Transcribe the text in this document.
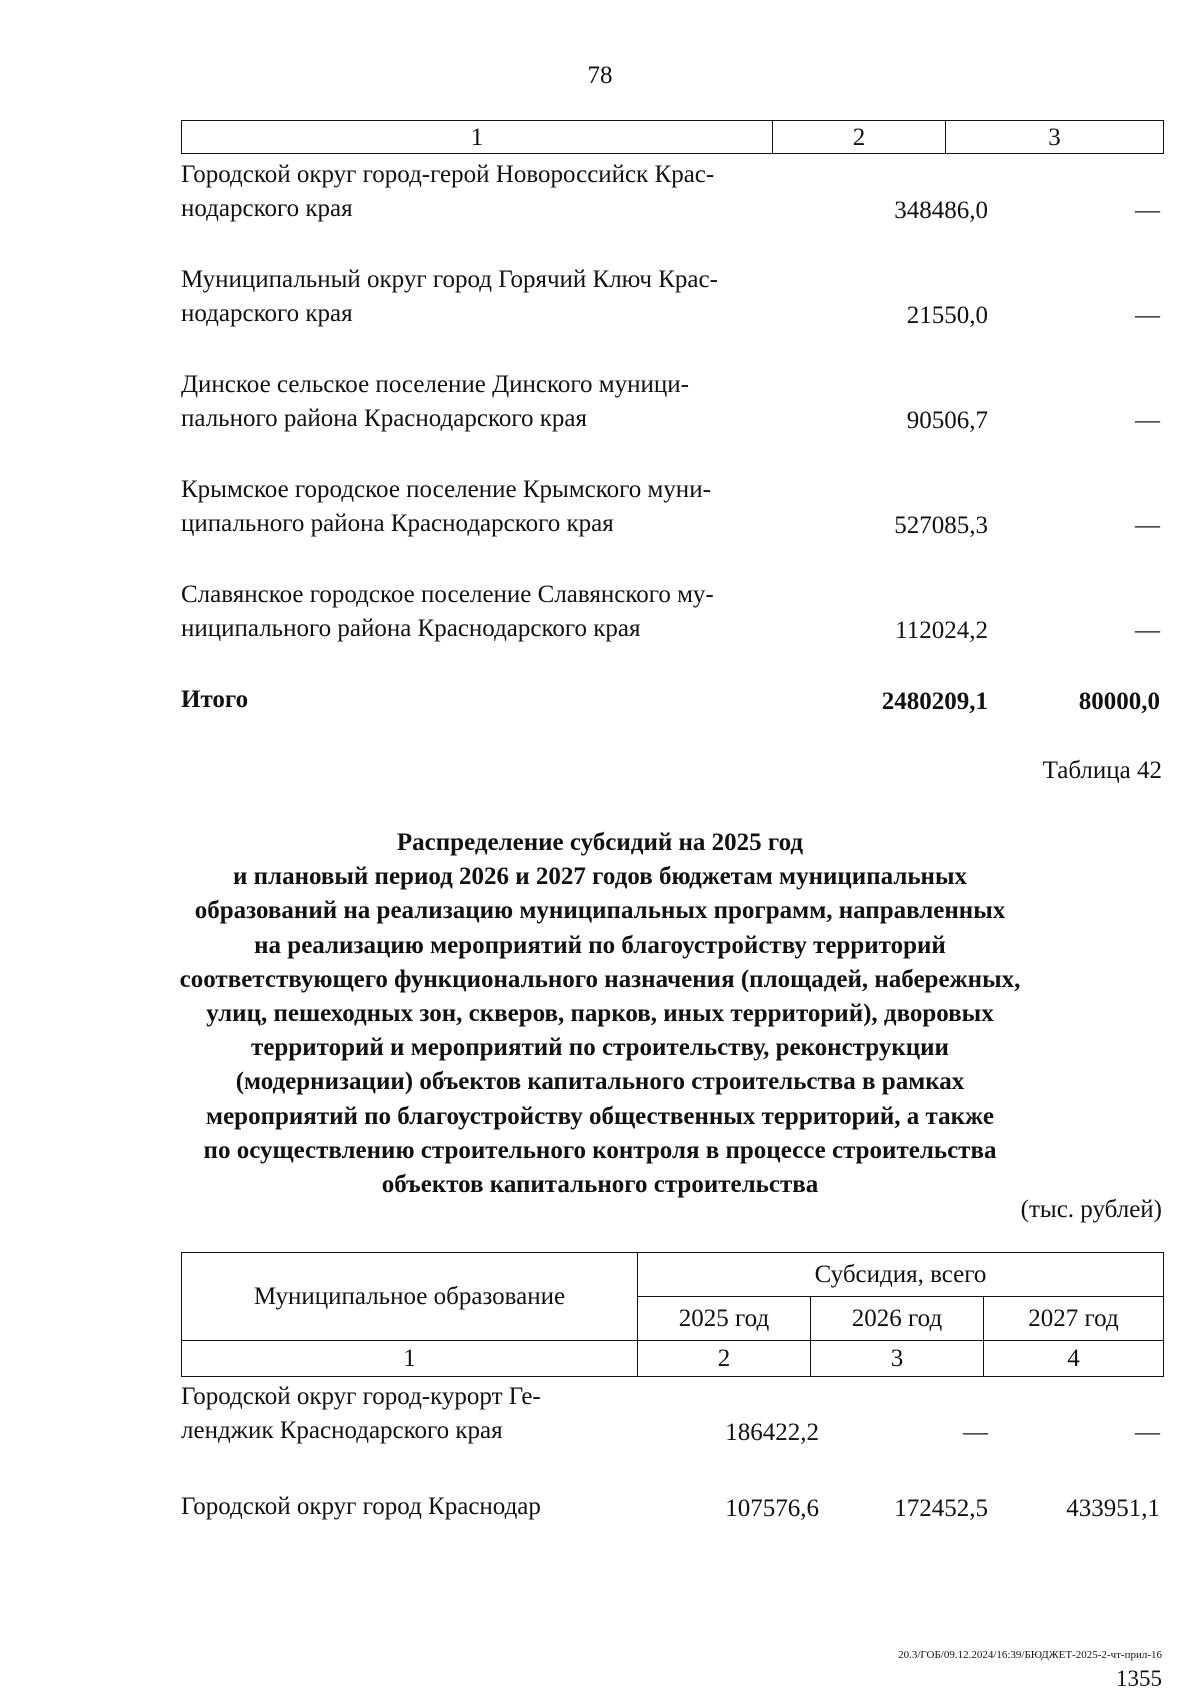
78
1	2	3
Городской округ город-герой Новороссийск Крас-
нодарского края	348486,0	—
Муниципальный округ город Горячий Ключ Крас-
нодарского края	21550,0	—
Динское сельское поселение Динского муници-
пального района Краснодарского края	90506,7	—
Крымское городское поселение Крымского муни-
ципального района Краснодарского края	527085,3	—
Славянское городское поселение Славянского му-
ниципального района Краснодарского края	112024,2	—
Итого	2480209,1	80000,0
Таблица 42
Распределение субсидий на 2025 год
и плановый период 2026 и 2027 годов бюджетам муниципальных
образований на реализацию муниципальных программ, направленных
на реализацию мероприятий по благоустройству территорий
соответствующего функционального назначения (площадей, набережных,
улиц, пешеходных зон, скверов, парков, иных территорий), дворовых
территорий и мероприятий по строительству, реконструкции
(модернизации) объектов капитального строительства в рамках
мероприятий по благоустройству общественных территорий, а также
по осуществлению строительного контроля в процессе строительства
объектов капитального строительства
(тыс. рублей)
Муниципальное образование	Субсидия, всего		
	2025 год	2026 год	2027 год
1	2	3	4
Городской округ город-курорт Ге-
ленджик Краснодарского края	186422,2	—	—
Городской округ город Краснодар	107576,6	172452,5	433951,1
20.3/ГОБ/09.12.2024/16:39/БЮДЖЕТ-2025-2-чт-прил-16
1355
